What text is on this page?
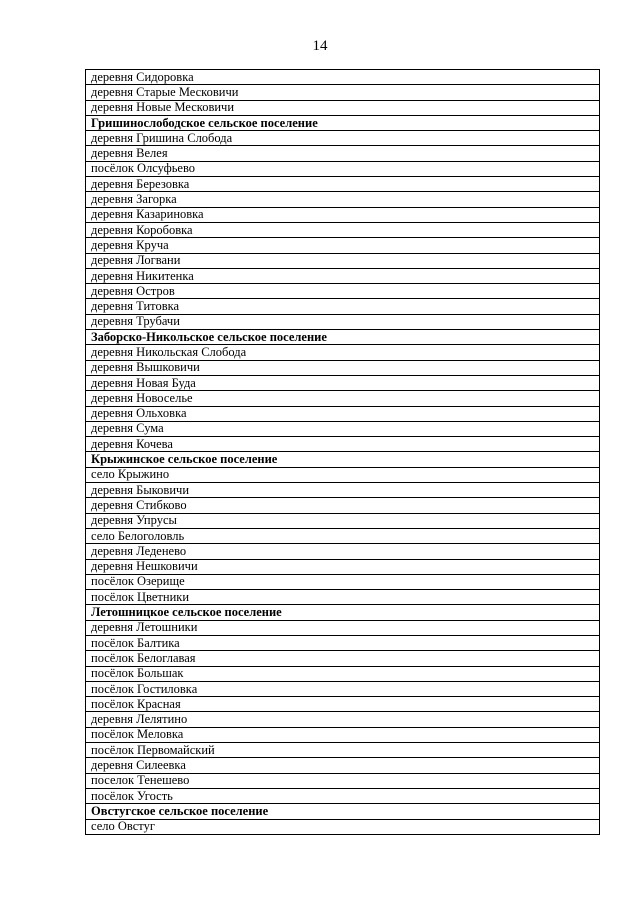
14
деревня Сидоровка
деревня Старые Месковичи
деревня Новые Месковичи
Гришинослободское сельское поселение
деревня Гришина Слобода
деревня Велея
посёлок Олсуфьево
деревня Березовка
деревня Загорка
деревня Казариновка
деревня Коробовка
деревня Круча
деревня Логвани
деревня Никитенка
деревня Остров
деревня Титовка
деревня Трубачи
Заборско-Никольское сельское поселение
деревня Никольская Слобода
деревня Вышковичи
деревня Новая Буда
деревня Новоселье
деревня Ольховка
деревня Сума
деревня Кочева
Крыжинское сельское поселение
село Крыжино
деревня Быковичи
деревня Стибково
деревня Упрусы
село Белоголовль
деревня Леденево
деревня Нешковичи
посёлок Озерище
посёлок Цветники
Летошницкое сельское поселение
деревня Летошники
посёлок Балтика
посёлок Белоглавая
посёлок Большак
посёлок Гостиловка
посёлок Красная
деревня Лелятино
посёлок Меловка
посёлок Первомайский
деревня Силеевка
поселок Тенешево
посёлок Угость
Овстугское сельское поселение
село Овстуг
